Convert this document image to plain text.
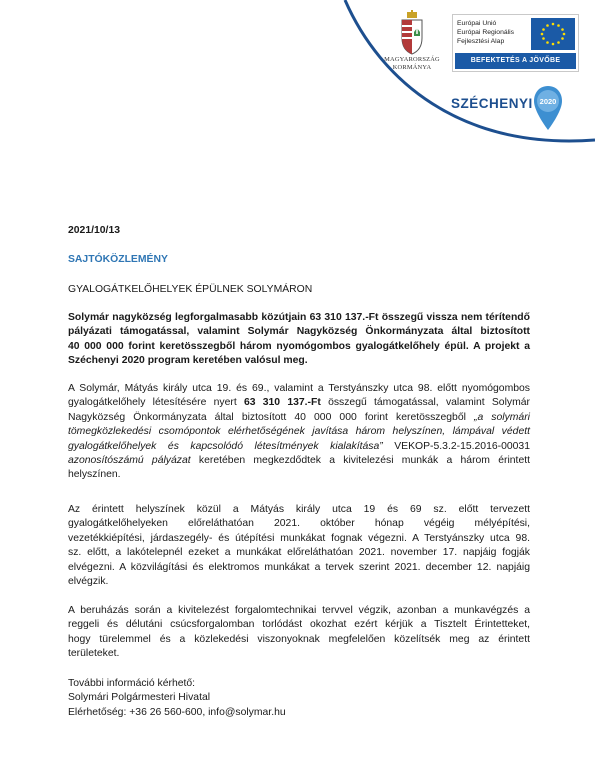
MAGYARORSZÁG
KORMÁNYA
Európai Unió
Európai Regionális
Fejlesztési Alap
BEFEKTETÉS A JÖVŐBE
SZÉCHENYI 2020
2021/10/13
SAJTÓKÖZLEMÉNY
GYALOGÁTKELŐHELYEK ÉPÜLNEK SOLYMÁRON
Solymár nagyközség legforgalmasabb közútjain 63 310 137.-Ft összegű vissza nem térítendő
pályázati támogatással, valamint Solymár Nagyközség Önkormányzata által biztosított
40 000 000 forint keretösszegből három nyomógombos gyalogátkelőhely épül. A projekt a
Széchenyi 2020 program keretében valósul meg.
A Solymár, Mátyás király utca 19. és 69., valamint a Terstyánszky utca 98. előtt nyomógombos
gyalogátkelőhely létesítésére nyert 63 310 137.-Ft összegű támogatással, valamint Solymár
Nagyközség Önkormányzata által biztosított 40 000 000 forint keretösszegből „a solymári
tömegközlekedési csomópontok elérhetőségének javítása három helyszínen, lámpával védett
gyalogátkelőhelyek és kapcsolódó létesítmények kialakítása” VEKOP-5.3.2-15.2016-00031
azonosítószámú pályázat keretében megkezdődtek a kivitelezési munkák a három érintett
helyszínen.
Az érintett helyszínek közül a Mátyás király utca 19 és 69 sz. előtt tervezett
gyalogátkelőhelyeken előreláthatóan 2021. október hónap végéig mélyépítési,
vezetékkiépítési, járdaszegély- és útépítési munkákat fognak végezni. A Terstyánszky utca 98.
sz. előtt, a lakótelepnél ezeket a munkákat előreláthatóan 2021. november 17. napjáig fogják
elvégezni. A közvilágítási és elektromos munkákat a tervek szerint 2021. december 12. napjáig
elvégzik.
A beruházás során a kivitelezést forgalomtechnikai tervvel végzik, azonban a munkavégzés a
reggeli és délutáni csúcsforgalomban torlódást okozhat ezért kérjük a Tisztelt Érintetteket,
hogy türelemmel és a közlekedési viszonyoknak megfelelően közelítsék meg az érintett
területeket.
További információ kérhető:
Solymári Polgármesteri Hivatal
Elérhetőség: +36 26 560-600, info@solymar.hu
